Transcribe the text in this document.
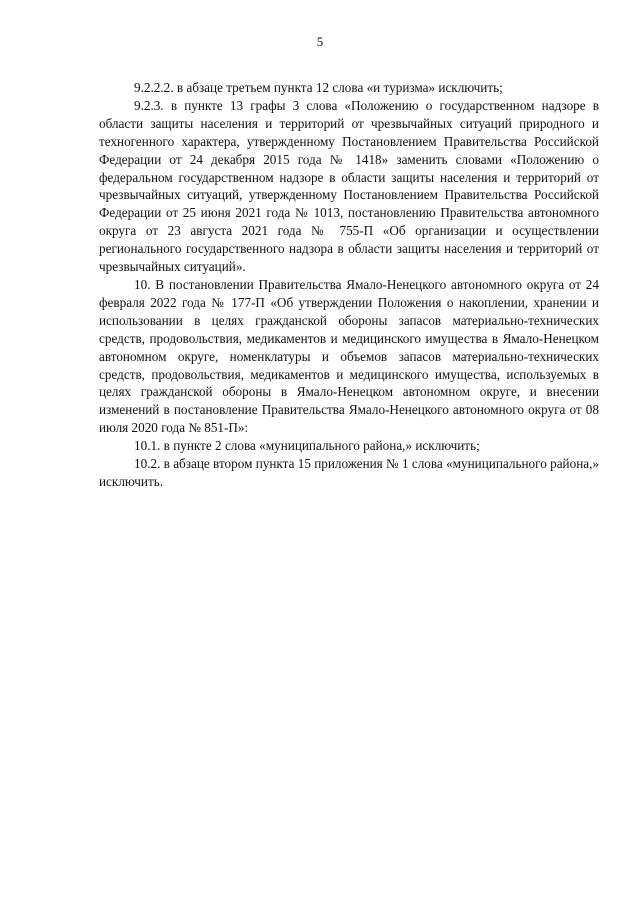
5

9.2.2.2. в абзаце третьем пункта 12 слова «и туризма» исключить;

9.2.3. в пункте 13 графы 3 слова «Положению о государственном надзоре в области защиты населения и территорий от чрезвычайных ситуаций природного и техногенного характера, утвержденному Постановлением Правительства Российской Федерации от 24 декабря 2015 года № 1418» заменить словами «Положению о федеральном государственном надзоре в области защиты населения и территорий от чрезвычайных ситуаций, утвержденному Постановлением Правительства Российской Федерации от 25 июня 2021 года № 1013, постановлению Правительства автономного округа от 23 августа 2021 года № 755-П «Об организации и осуществлении регионального государственного надзора в области защиты населения и территорий от чрезвычайных ситуаций».

10. В постановлении Правительства Ямало-Ненецкого автономного округа от 24 февраля 2022 года № 177-П «Об утверждении Положения о накоплении, хранении и использовании в целях гражданской обороны запасов материально-технических средств, продовольствия, медикаментов и медицинского имущества в Ямало-Ненецком автономном округе, номенклатуры и объемов запасов материально-технических средств, продовольствия, медикаментов и медицинского имущества, используемых в целях гражданской обороны в Ямало-Ненецком автономном округе, и внесении изменений в постановление Правительства Ямало-Ненецкого автономного округа от 08 июля 2020 года № 851-П»:

10.1. в пункте 2 слова «муниципального района,» исключить;

10.2. в абзаце втором пункта 15 приложения № 1 слова «муниципального района,» исключить.
